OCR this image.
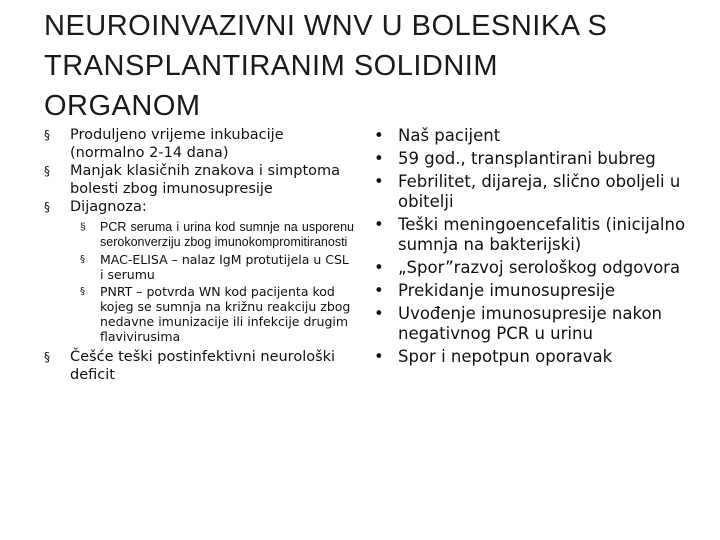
NEUROINVAZIVNI WNV U BOLESNIKA S
TRANSPLANTIRANIM SOLIDNIM
ORGANOM
§ Produljeno vrijeme inkubacije (normalno 2-14 dana)
§ Manjak klasičnih znakova i simptoma bolesti zbog imunosupresije
§ Dijagnoza:
§ PCR seruma i urina kod sumnje na usporenu serokonverziju zbog imunokompromitiranosti
§ MAC-ELISA – nalaz IgM protutijela u CSL i serumu
§ PNRT – potvrda WN kod pacijenta kod kojeg se sumnja na križnu reakciju zbog nedavne imunizacije ili infekcije drugim flavivirusima
§ Češće teški postinfektivni neurološki deficit
• Naš pacijent
• 59 god., transplantirani bubreg
• Febrilitet, dijareja, slično oboljeli u obitelji
• Teški meningoencefalitis (inicijalno sumnja na bakterijski)
• „Spor”razvoj serološkog odgovora
• Prekidanje imunosupresije
• Uvođenje imunosupresije nakon negativnog PCR u urinu
• Spor i nepotpun oporavak
